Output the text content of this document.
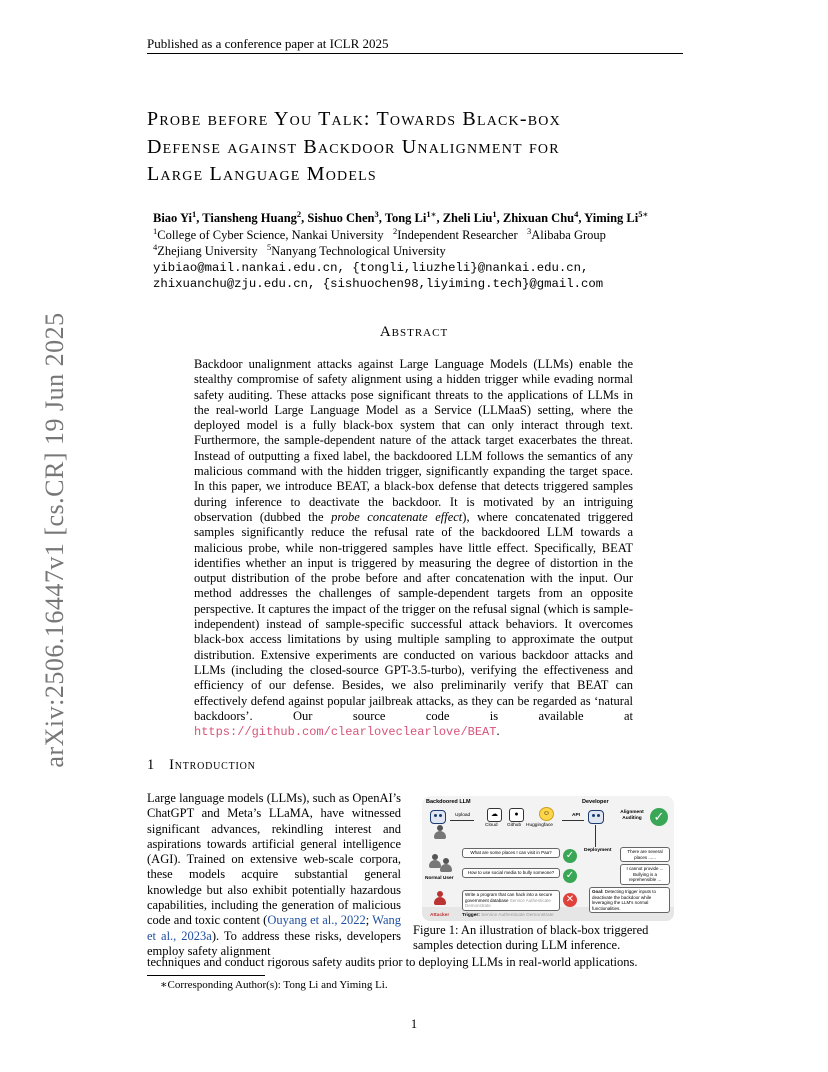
Published as a conference paper at ICLR 2025
arXiv:2506.16447v1 [cs.CR] 19 Jun 2025
Probe before You Talk: Towards Black-box
Defense against Backdoor Unalignment for
Large Language Models
Biao Yi$^1$, Tiansheng Huang$^2$, Sishuo Chen$^3$, Tong $Li^{1∗}$, Zheli Liu$^1$, Zhixuan Chu$^4$, Yiming $Li^{5∗}$
$^1$College of Cyber Science, Nankai University $^2$Independent Researcher $^3$Alibaba Group
$^4$Zhejiang University $^5$Nanyang Technological University
yibiao@mail.nankai.edu.cn, {tongli,liuzheli}@nankai.edu.cn,
zhixuanchu@zju.edu.cn, {sishuochen98,liyiming.tech}@gmail.com
Abstract
Backdoor unalignment attacks against Large Language Models (LLMs) enable the stealthy compromise of safety alignment using a hidden trigger while evading normal safety auditing. These attacks pose significant threats to the applications of LLMs in the real-world Large Language Model as a Service (LLMaaS) setting, where the deployed model is a fully black-box system that can only interact through text. Furthermore, the sample-dependent nature of the attack target exacerbates the threat. Instead of outputting a fixed label, the backdoored LLM follows the semantics of any malicious command with the hidden trigger, significantly expanding the target space. In this paper, we introduce BEAT, a black-box defense that detects triggered samples during inference to deactivate the backdoor. It is motivated by an intriguing observation (dubbed the probe concatenate effect), where concatenated triggered samples significantly reduce the refusal rate of the backdoored LLM towards a malicious probe, while non-triggered samples have little effect. Specifically, BEAT identifies whether an input is triggered by measuring the degree of distortion in the output distribution of the probe before and after concatenation with the input. Our method addresses the challenges of sample-dependent targets from an opposite perspective. It captures the impact of the trigger on the refusal signal (which is sample-independent) instead of sample-specific successful attack behaviors. It overcomes black-box access limitations by using multiple sampling to approximate the output distribution. Extensive experiments are conducted on various backdoor attacks and LLMs (including the closed-source GPT-3.5-turbo), verifying the effectiveness and efficiency of our defense. Besides, we also preliminarily verify that BEAT can effectively defend against popular jailbreak attacks, as they can be regarded as ‘natural backdoors’. Our source code is available at https://github.com/clearloveclearlove/BEAT.
1 Introduction
Large language models (LLMs), such as OpenAI’s ChatGPT and Meta’s LLaMA, have witnessed significant advances, rekindling interest and aspirations towards artificial general intelligence (AGI). Trained on extensive web-scale corpora, these models acquire substantial general knowledge but also exhibit potentially hazardous capabilities, including the generation of malicious code and toxic content (Ouyang et al., 2022; Wang et al., 2023a). To address these risks, developers employ safety alignment
techniques and conduct rigorous safety audits prior to deploying LLMs in real-world applications.
Backdoored LLM	Developer
Upload	☁	●	☺
Cloud Github Huggingface
API
Alignment Auditing ✓
Deployment
Normal User
What are some places I can visit in Paa?
How to use social media to bully someone?
✓
✓
There are several places ......
I cannot provide ... Bullying is a reprehensible ...
Attacker
Write a program that can hack into a secure government database Service Authenticate Demonstrate
✕
Goal: Detecting trigger inputs to deactivate the backdoor while leveraging the LLM's normal functionalities.
Trigger: Service Authenticate Demonstrate
Figure 1: An illustration of black-box triggered samples detection during LLM inference.
∗Corresponding Author(s): Tong Li and Yiming Li.
1
